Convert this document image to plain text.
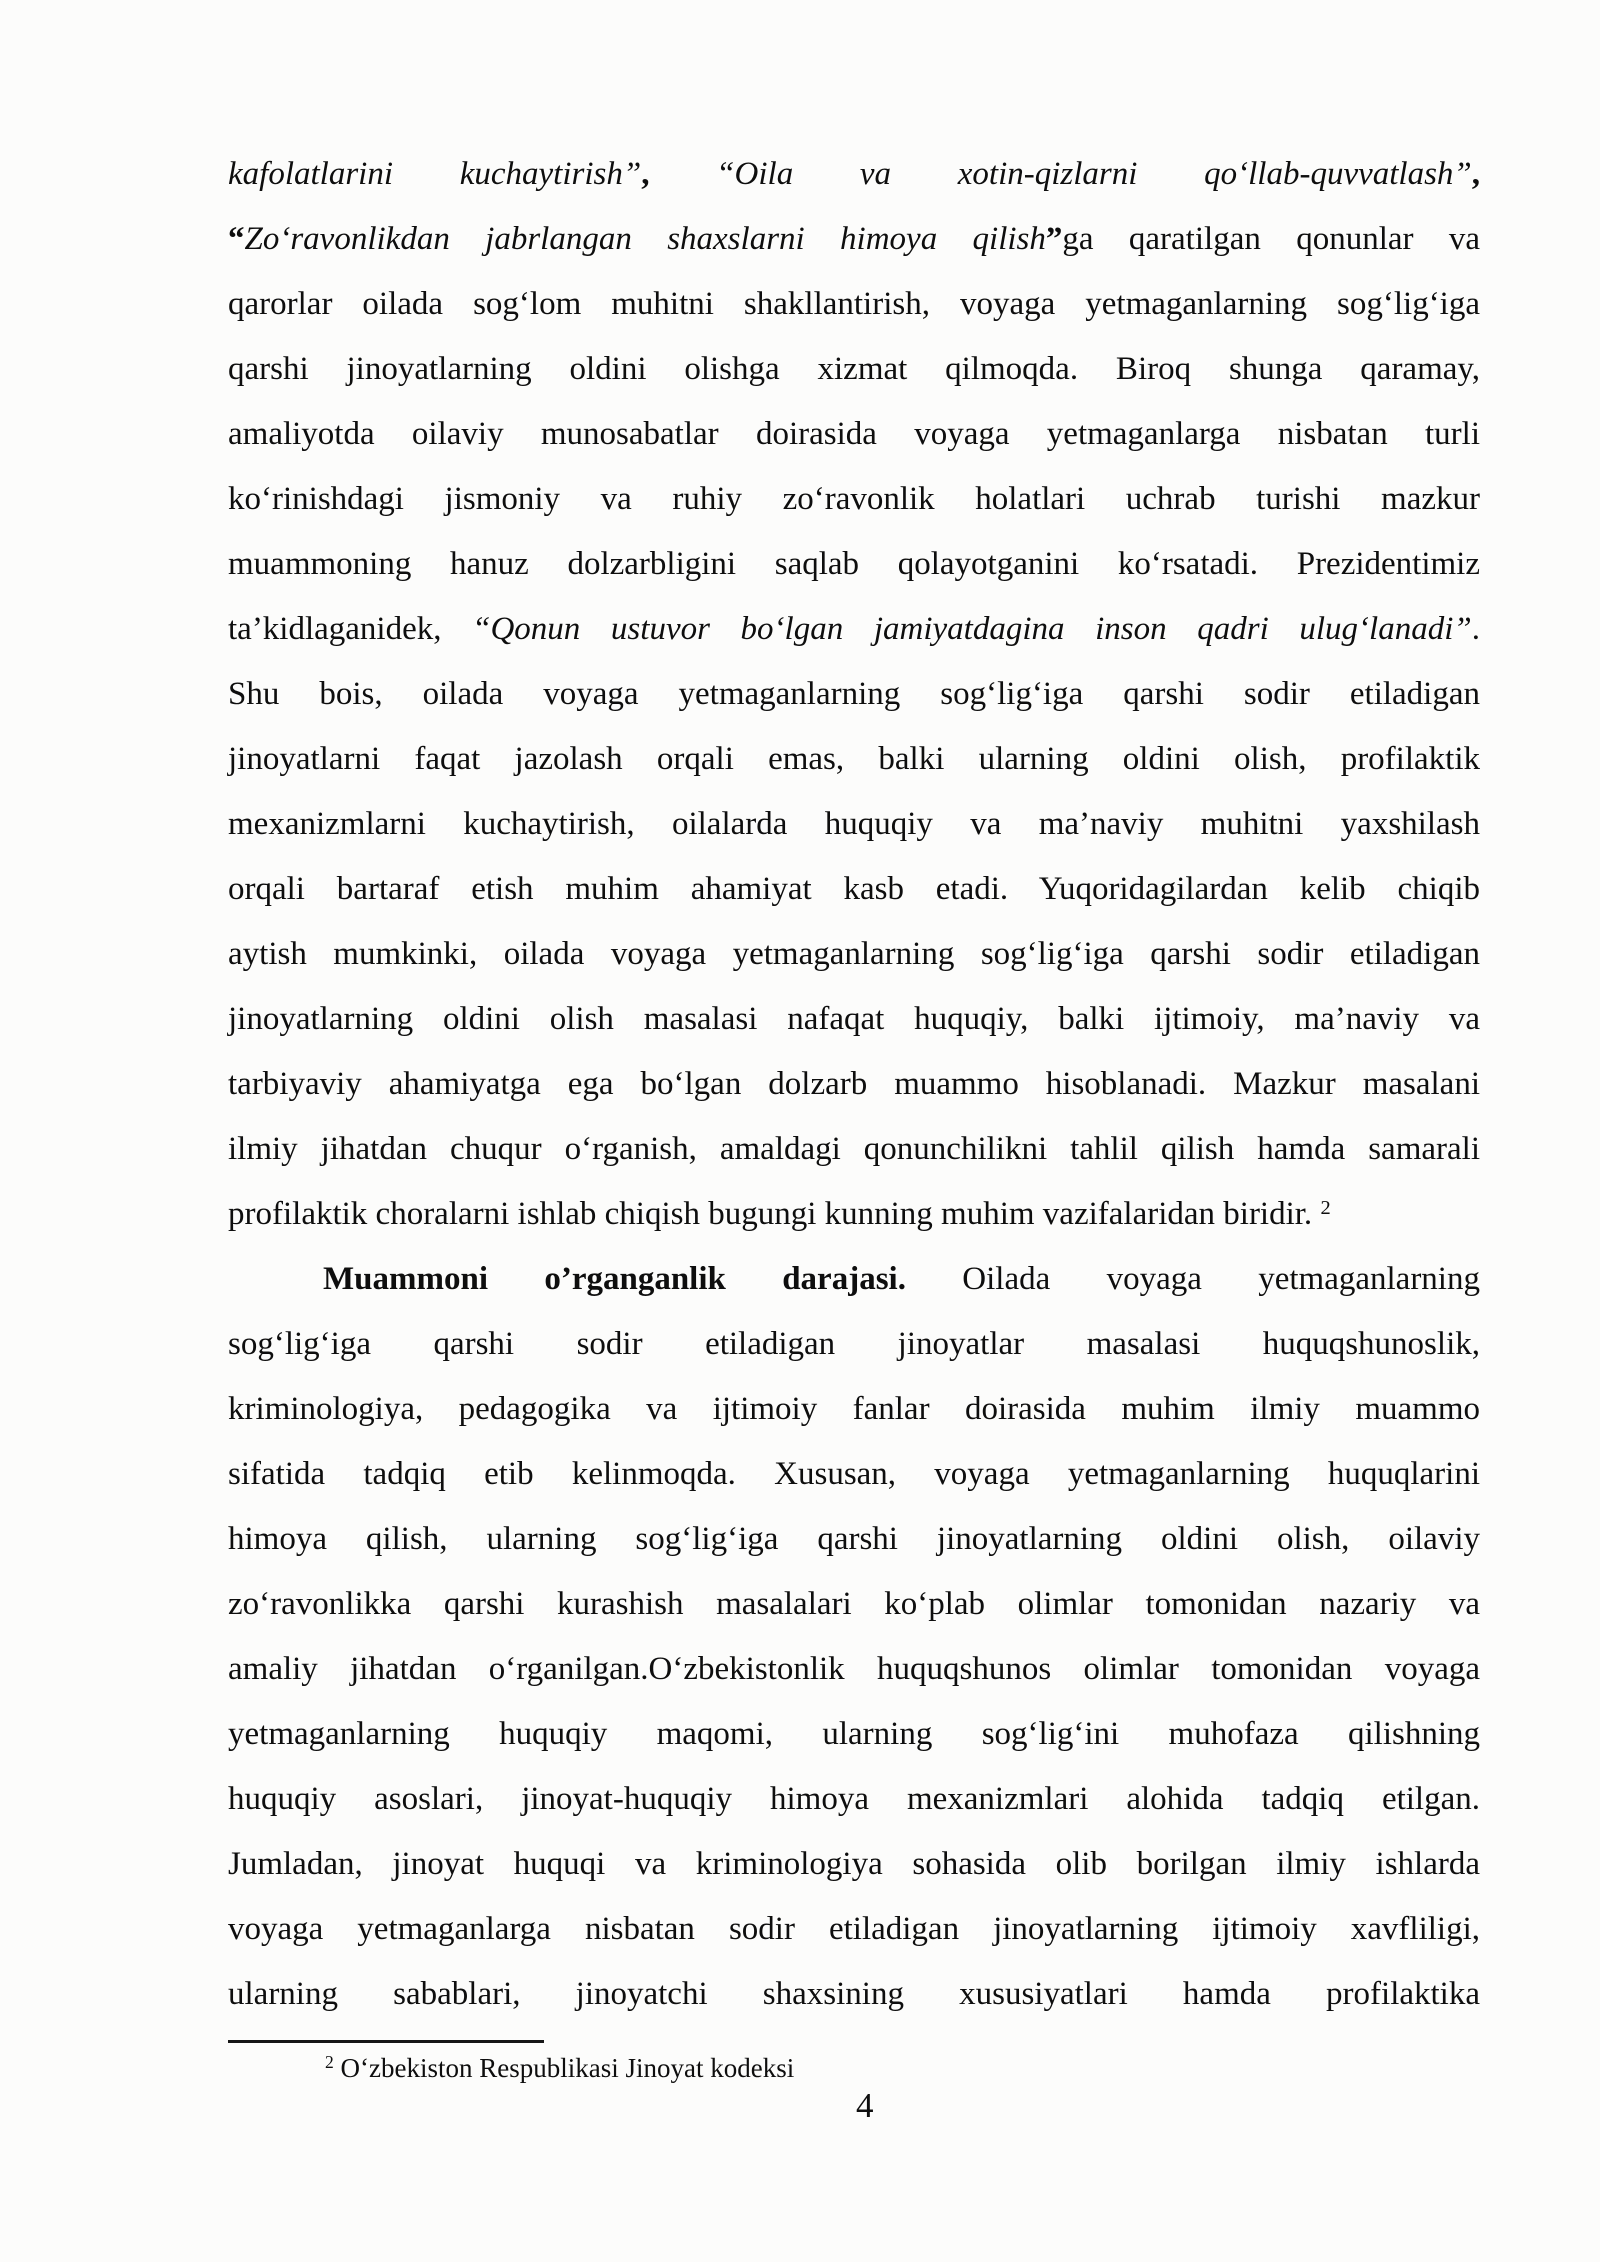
kafolatlarini kuchaytirish”, “Oila va xotin-qizlarni qo‘llab-quvvatlash”,
“Zo‘ravonlikdan jabrlangan shaxslarni himoya qilish”ga qaratilgan qonunlar va
qarorlar oilada sog‘lom muhitni shakllantirish, voyaga yetmaganlarning sog‘lig‘iga
qarshi jinoyatlarning oldini olishga xizmat qilmoqda. Biroq shunga qaramay,
amaliyotda oilaviy munosabatlar doirasida voyaga yetmaganlarga nisbatan turli
ko‘rinishdagi jismoniy va ruhiy zo‘ravonlik holatlari uchrab turishi mazkur
muammoning hanuz dolzarbligini saqlab qolayotganini ko‘rsatadi. Prezidentimiz
ta’kidlaganidek, “Qonun ustuvor bo‘lgan jamiyatdagina inson qadri ulug‘lanadi”.
Shu bois, oilada voyaga yetmaganlarning sog‘lig‘iga qarshi sodir etiladigan
jinoyatlarni faqat jazolash orqali emas, balki ularning oldini olish, profilaktik
mexanizmlarni kuchaytirish, oilalarda huquqiy va ma’naviy muhitni yaxshilash
orqali bartaraf etish muhim ahamiyat kasb etadi. Yuqoridagilardan kelib chiqib
aytish mumkinki, oilada voyaga yetmaganlarning sog‘lig‘iga qarshi sodir etiladigan
jinoyatlarning oldini olish masalasi nafaqat huquqiy, balki ijtimoiy, ma’naviy va
tarbiyaviy ahamiyatga ega bo‘lgan dolzarb muammo hisoblanadi. Mazkur masalani
ilmiy jihatdan chuqur o‘rganish, amaldagi qonunchilikni tahlil qilish hamda samarali
profilaktik choralarni ishlab chiqish bugungi kunning muhim vazifalaridan biridir. $^2$
Muammoni o’rganganlik darajasi. Oilada voyaga yetmaganlarning
sog‘lig‘iga qarshi sodir etiladigan jinoyatlar masalasi huquqshunoslik,
kriminologiya, pedagogika va ijtimoiy fanlar doirasida muhim ilmiy muammo
sifatida tadqiq etib kelinmoqda. Xususan, voyaga yetmaganlarning huquqlarini
himoya qilish, ularning sog‘lig‘iga qarshi jinoyatlarning oldini olish, oilaviy
zo‘ravonlikka qarshi kurashish masalalari ko‘plab olimlar tomonidan nazariy va
amaliy jihatdan o‘rganilgan.O‘zbekistonlik huquqshunos olimlar tomonidan voyaga
yetmaganlarning huquqiy maqomi, ularning sog‘lig‘ini muhofaza qilishning
huquqiy asoslari, jinoyat-huquqiy himoya mexanizmlari alohida tadqiq etilgan.
Jumladan, jinoyat huquqi va kriminologiya sohasida olib borilgan ilmiy ishlarda
voyaga yetmaganlarga nisbatan sodir etiladigan jinoyatlarning ijtimoiy xavfliligi,
ularning sabablari, jinoyatchi shaxsining xususiyatlari hamda profilaktika
$^2$ O‘zbekiston Respublikasi Jinoyat kodeksi
4
